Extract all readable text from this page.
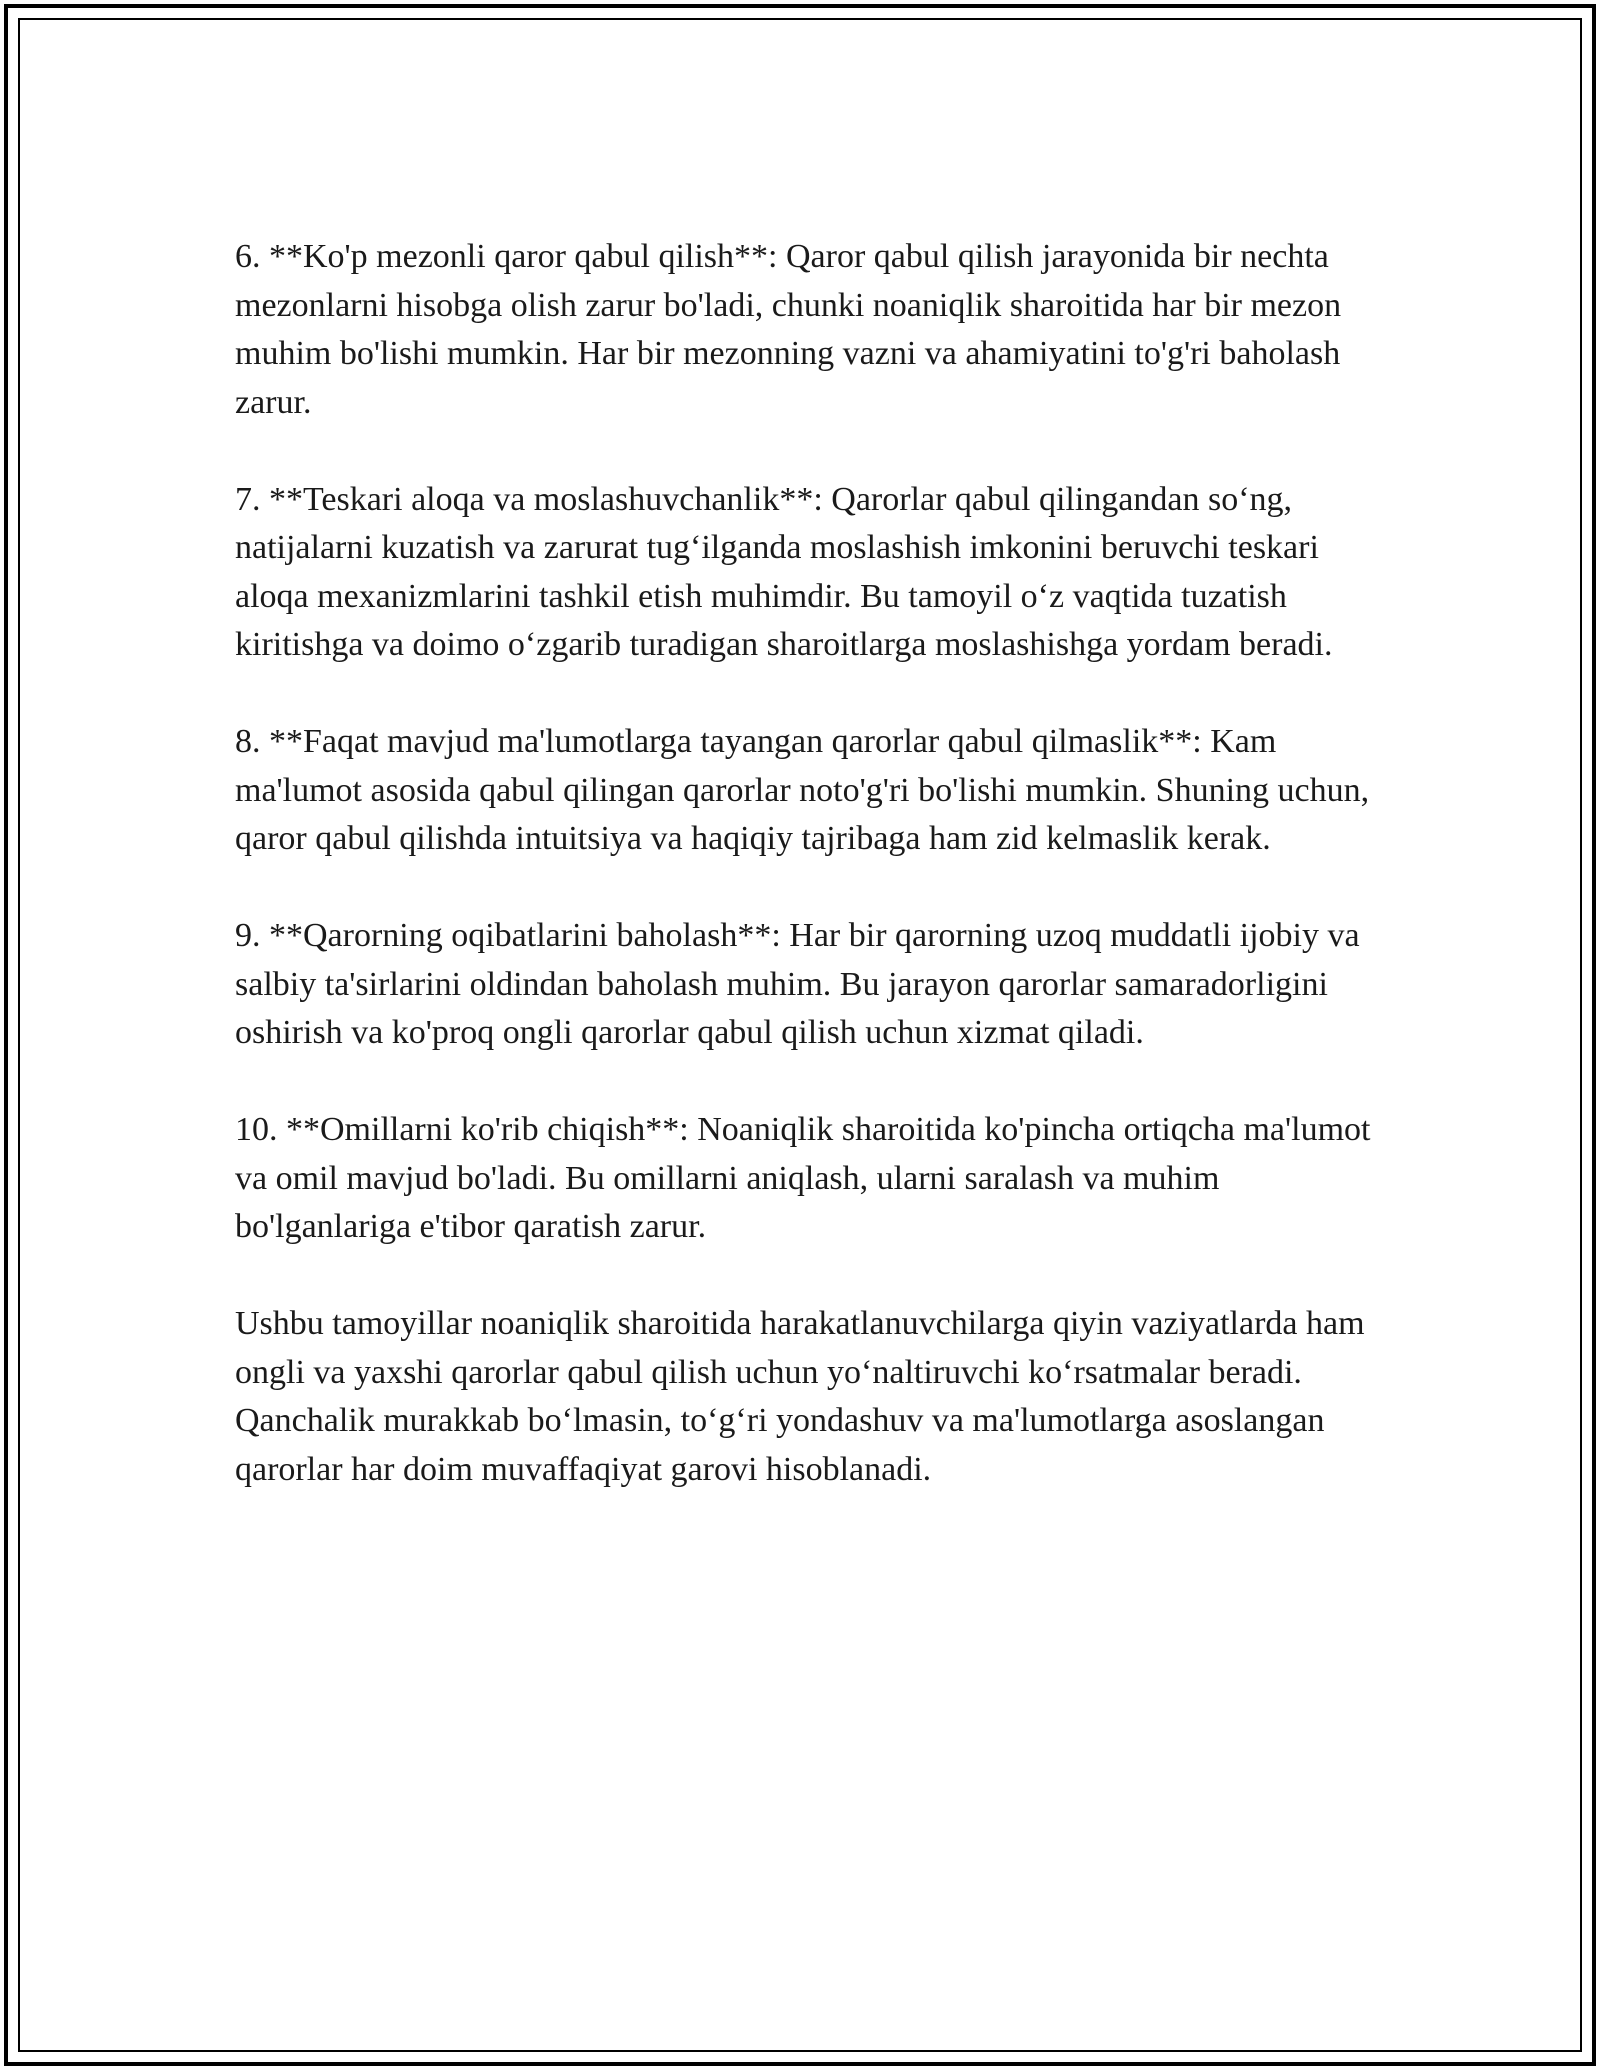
6. **Ko'p mezonli qaror qabul qilish**: Qaror qabul qilish jarayonida bir nechta mezonlarni hisobga olish zarur bo'ladi, chunki noaniqlik sharoitida har bir mezon muhim bo'lishi mumkin. Har bir mezonning vazni va ahamiyatini to'g'ri baholash zarur.

7. **Teskari aloqa va moslashuvchanlik**: Qarorlar qabul qilingandan so‘ng, natijalarni kuzatish va zarurat tug‘ilganda moslashish imkonini beruvchi teskari aloqa mexanizmlarini tashkil etish muhimdir. Bu tamoyil o‘z vaqtida tuzatish kiritishga va doimo o‘zgarib turadigan sharoitlarga moslashishga yordam beradi.

8. **Faqat mavjud ma'lumotlarga tayangan qarorlar qabul qilmaslik**: Kam ma'lumot asosida qabul qilingan qarorlar noto'g'ri bo'lishi mumkin. Shuning uchun, qaror qabul qilishda intuitsiya va haqiqiy tajribaga ham zid kelmaslik kerak.

9. **Qarorning oqibatlarini baholash**: Har bir qarorning uzoq muddatli ijobiy va salbiy ta'sirlarini oldindan baholash muhim. Bu jarayon qarorlar samaradorligini oshirish va ko'proq ongli qarorlar qabul qilish uchun xizmat qiladi.

10. **Omillarni ko'rib chiqish**: Noaniqlik sharoitida ko'pincha ortiqcha ma'lumot va omil mavjud bo'ladi. Bu omillarni aniqlash, ularni saralash va muhim bo'lganlariga e'tibor qaratish zarur.

Ushbu tamoyillar noaniqlik sharoitida harakatlanuvchilarga qiyin vaziyatlarda ham ongli va yaxshi qarorlar qabul qilish uchun yo‘naltiruvchi ko‘rsatmalar beradi. Qanchalik murakkab bo‘lmasin, to‘g‘ri yondashuv va ma'lumotlarga asoslangan qarorlar har doim muvaffaqiyat garovi hisoblanadi.
